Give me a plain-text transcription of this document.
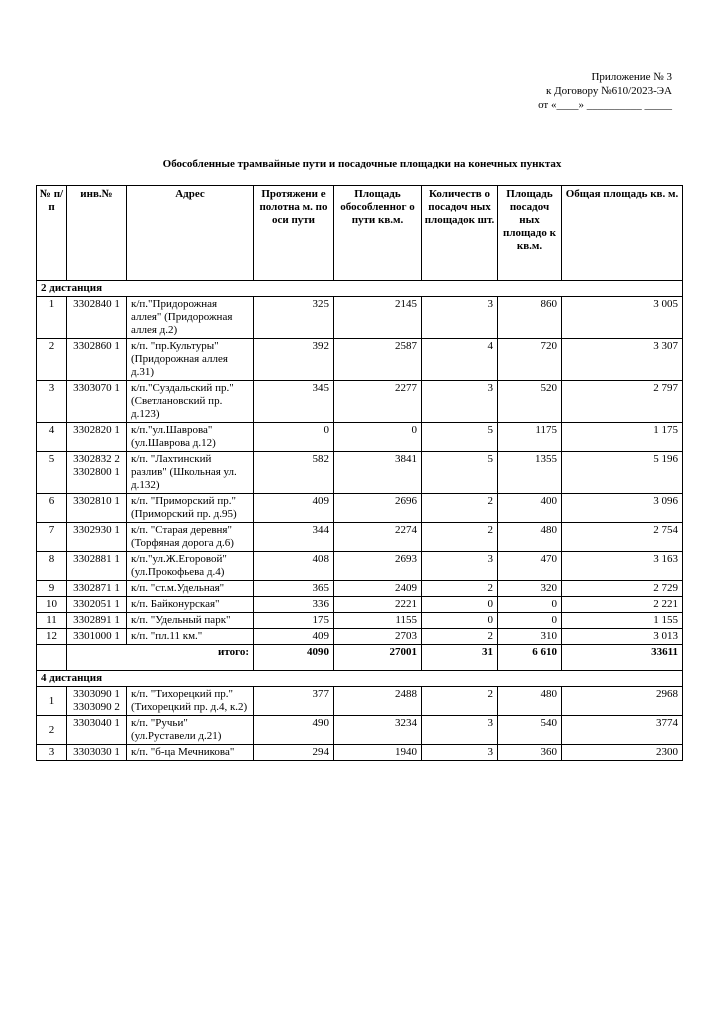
Приложение № 3
к Договору №610/2023-ЭА
от «____» __________ _____
Обособленные трамвайные пути и посадочные площадки на конечных пунктах
№ п/ п	инв.№	Адрес	Протяжени е полотна м. по оси пути	Площадь обособленног о пути кв.м.	Количеств о посадоч ных площадок шт.	Площадь посадоч ных площадо к кв.м.	Общая площадь кв. м.
2 дистанция							
1	3302840 1	к/п."Придорожная аллея" (Придорожная аллея д.2)	325	2145	3	860	3 005
2	3302860 1	к/п. "пр.Культуры" (Придорожная аллея д.31)	392	2587	4	720	3 307
3	3303070 1	к/п."Суздальский пр." (Светлановский пр. д.123)	345	2277	3	520	2 797
4	3302820 1	к/п."ул.Шаврова" (ул.Шаврова д.12)	0	0	5	1175	1 175
5	3302832 2 3302800 1	к/п. "Лахтинский разлив" (Школьная ул. д.132)	582	3841	5	1355	5 196
6	3302810 1	к/п. "Приморский пр." (Приморский пр. д.95)	409	2696	2	400	3 096
7	3302930 1	к/п. "Старая деревня" (Торфяная дорога д.6)	344	2274	2	480	2 754
8	3302881 1	к/п."ул.Ж.Егоровой" (ул.Прокофьева д.4)	408	2693	3	470	3 163
9	3302871 1	к/п. "ст.м.Удельная"	365	2409	2	320	2 729
10	3302051 1	к/п. Байконурская"	336	2221	0	0	2 221
11	3302891 1	к/п. "Удельный парк"	175	1155	0	0	1 155
12	3301000 1	к/п. "пл.11 км."	409	2703	2	310	3 013
	итого:		4090	27001	31	6 610	33611
4 дистанция							
1	3303090 1 3303090 2	к/п. "Тихорецкий пр." (Тихорецкий пр. д.4, к.2)	377	2488	2	480	2968
2	3303040 1	к/п. "Ручьи" (ул.Руставели д.21)	490	3234	3	540	3774
3	3303030 1	к/п. "б-ца Мечникова"	294	1940	3	360	2300
